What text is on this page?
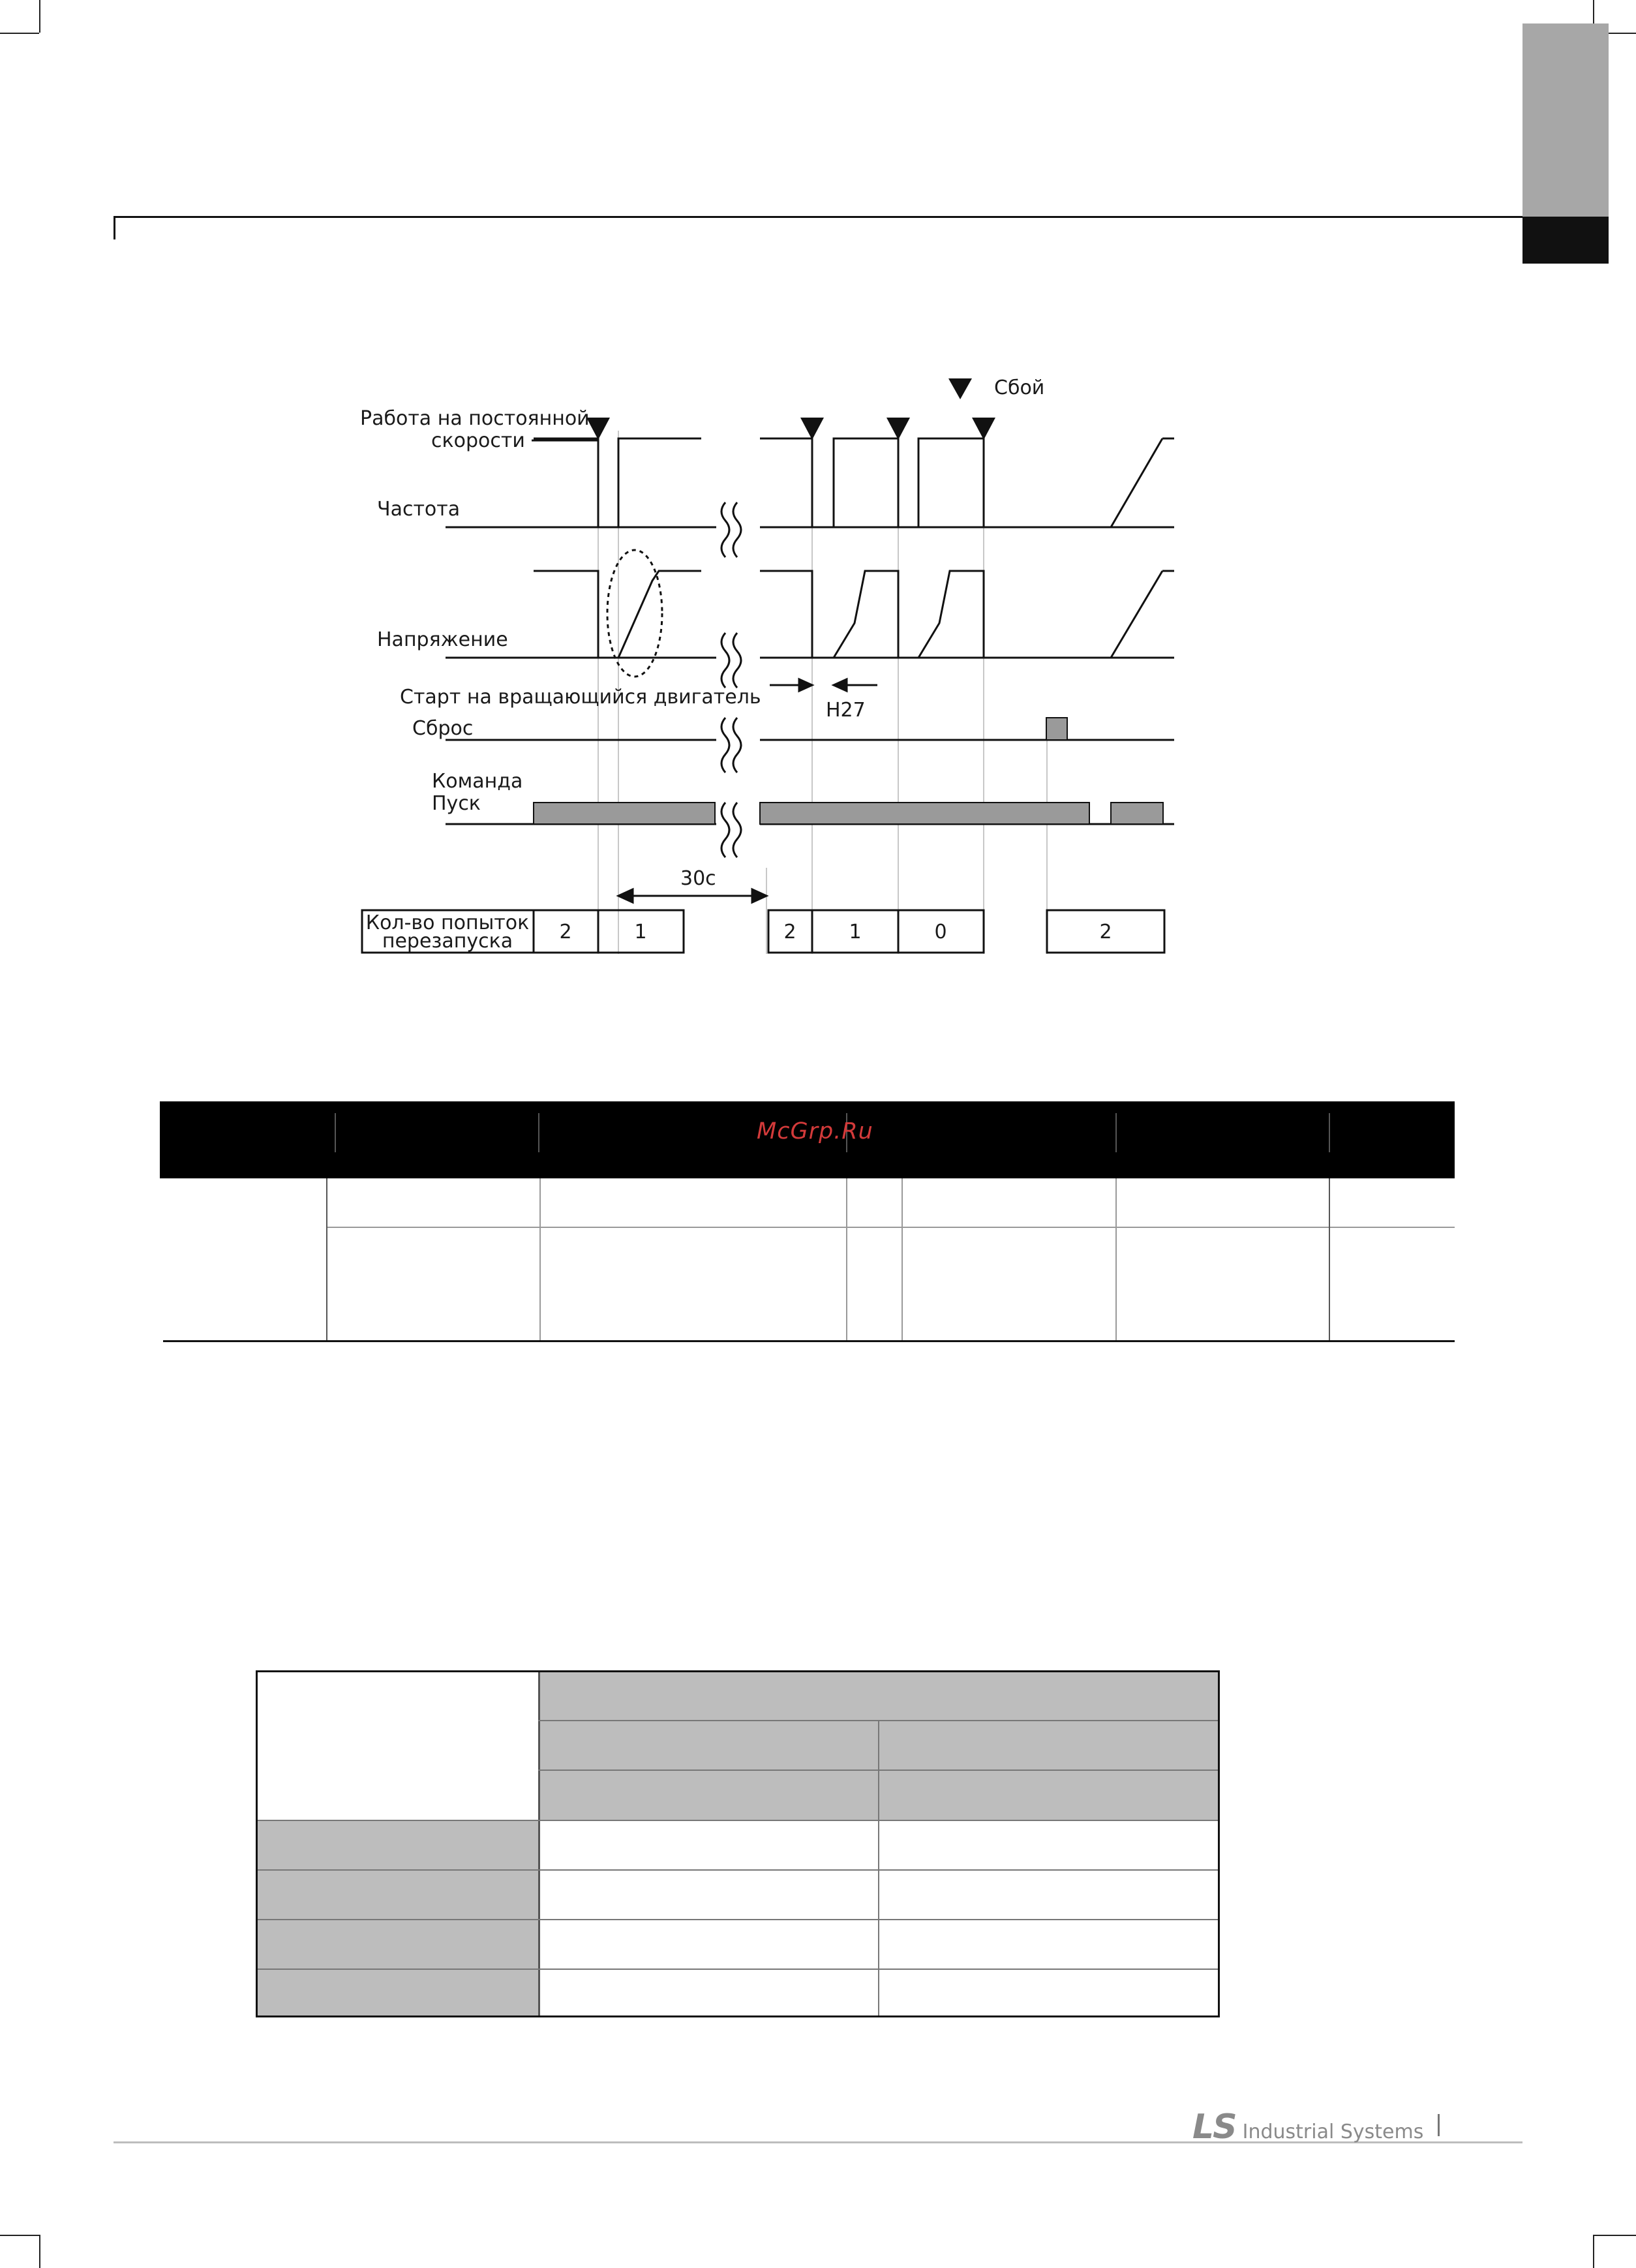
Сбой
Работа на постоянной
скорости
Частота
Напряжение
Старт на вращающийся двигатель
H27
Сброс
Команда
Пуск
30с
Кол-во попыток
перезапуска 2	1	2	1	0	2
McGrp.Ru
LS Industrial Systems
